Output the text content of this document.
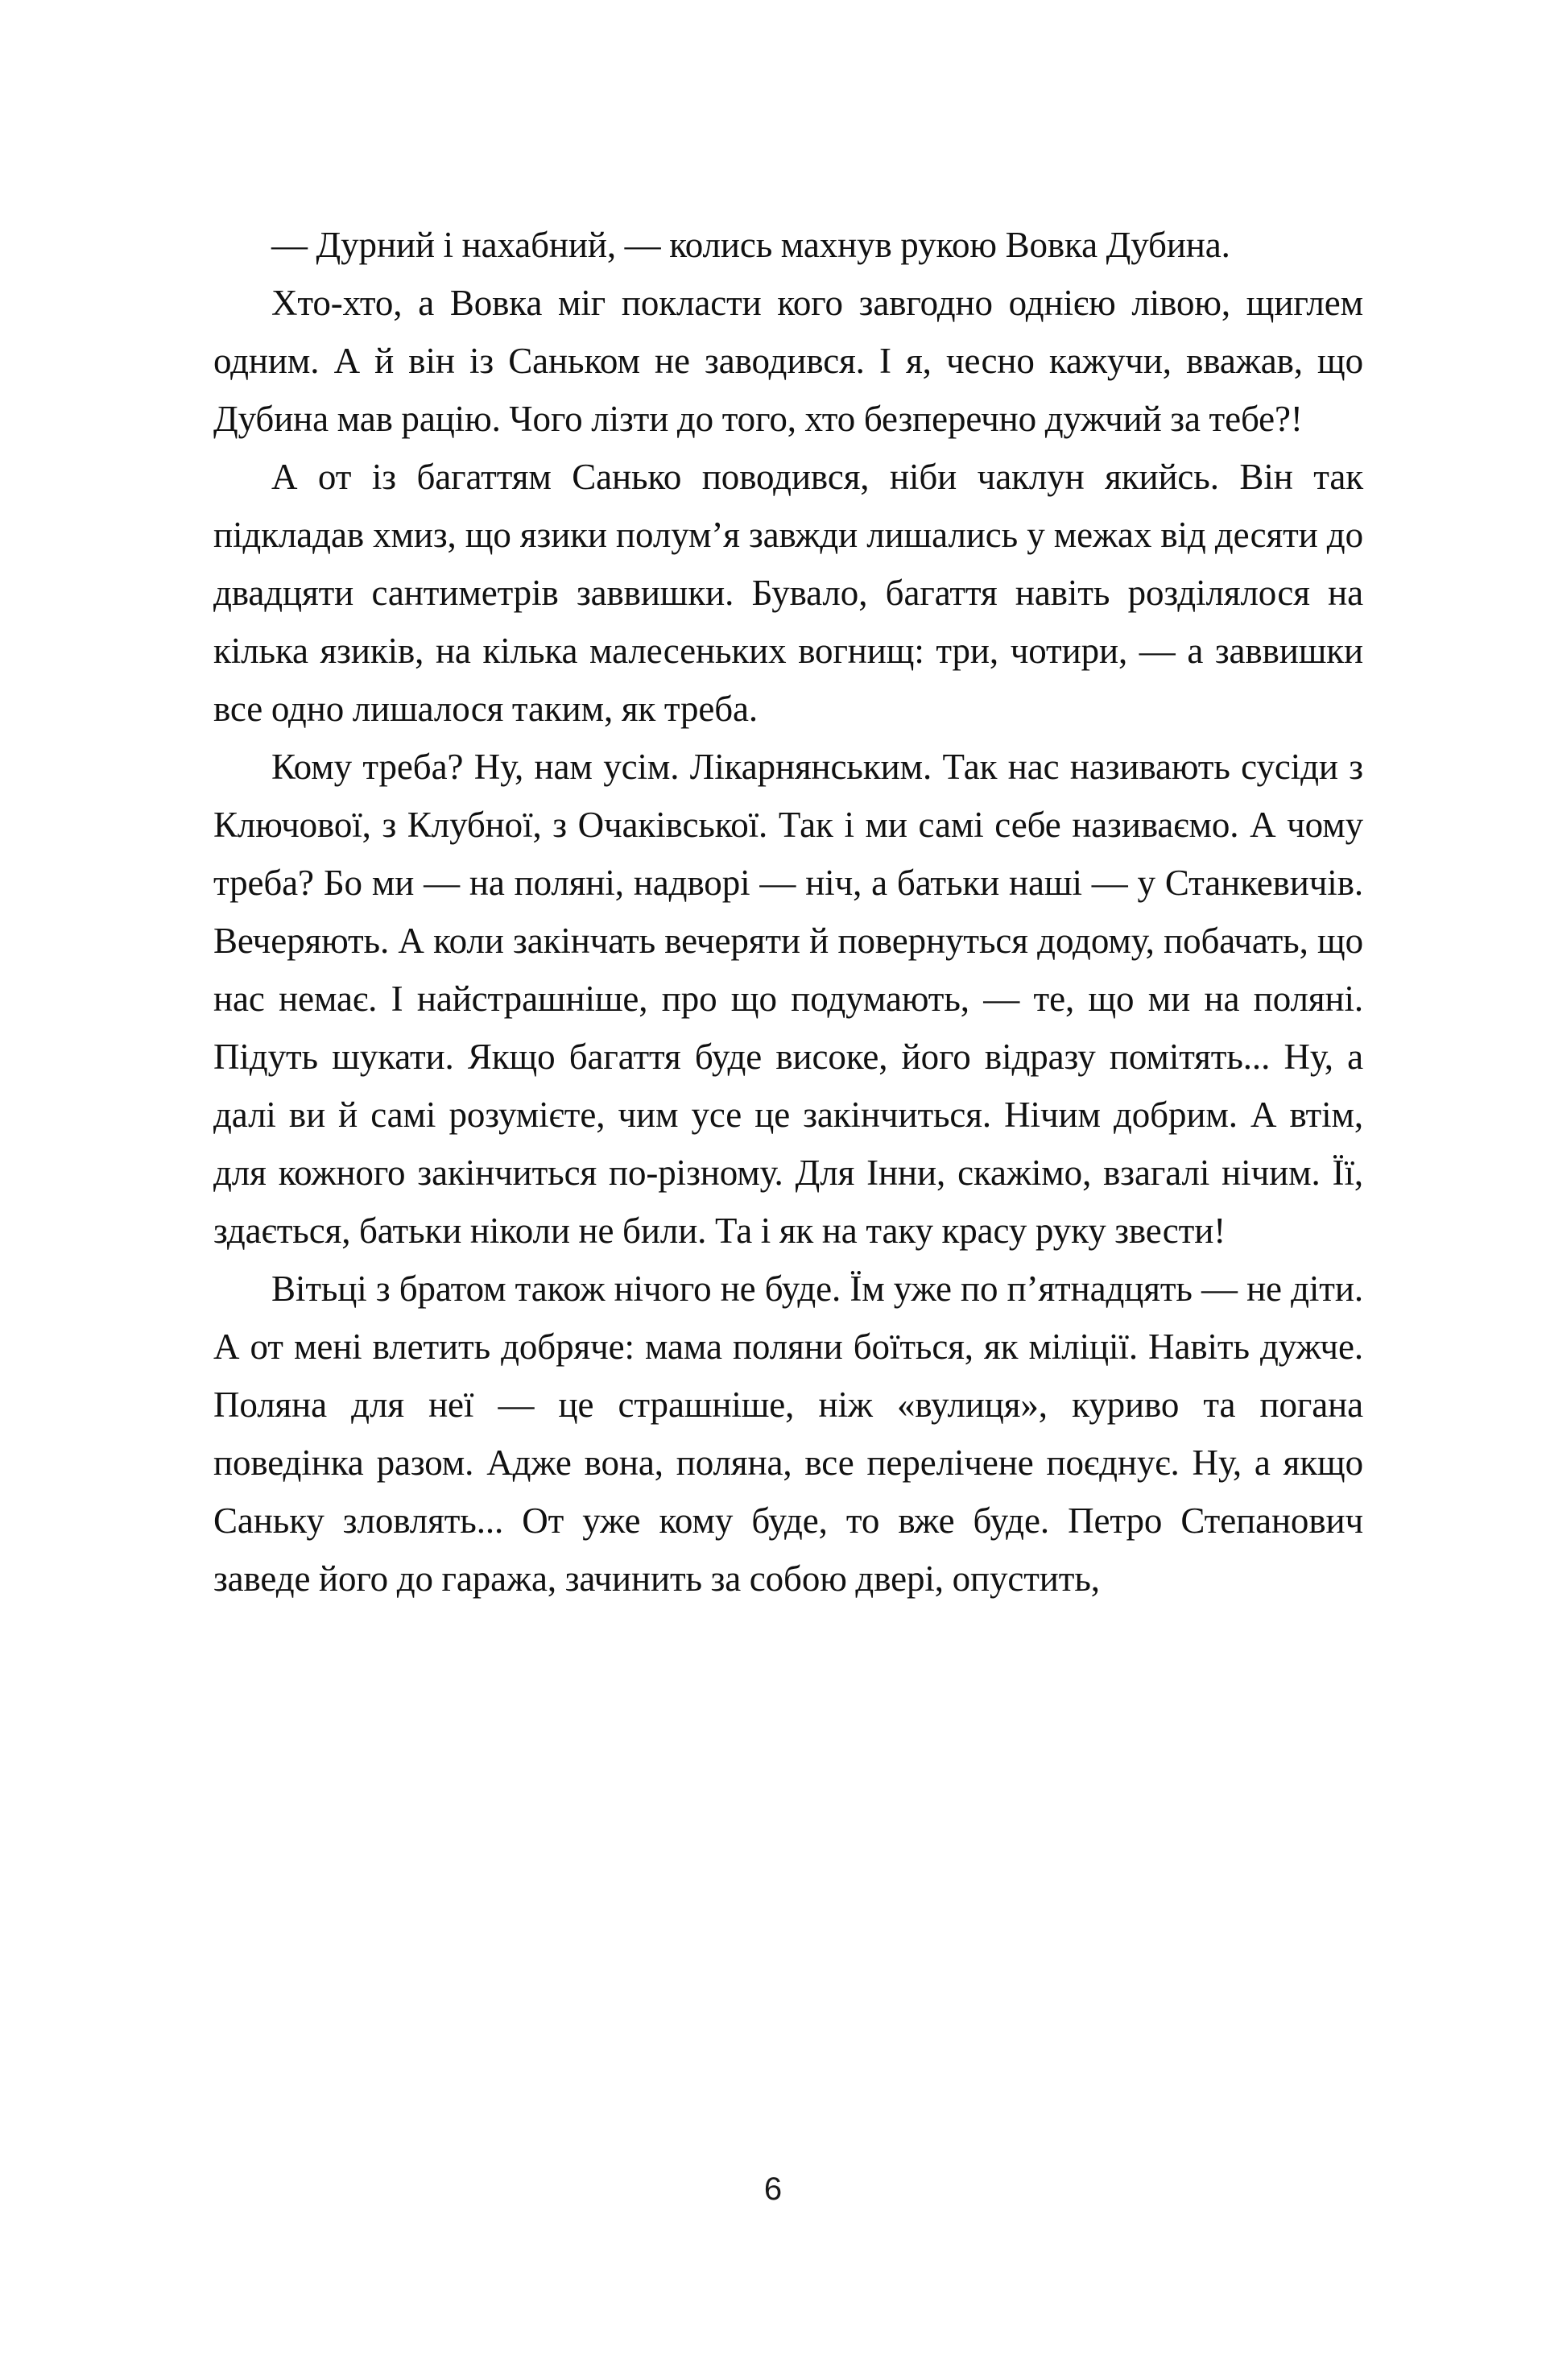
— Дурний і нахабний, — колись махнув рукою Вовка Дубина.

Хто-хто, а Вовка міг покласти кого завгодно однією лівою, щиглем одним. А й він із Саньком не заводився. І я, чесно кажучи, вважав, що Дубина мав рацію. Чого лізти до того, хто безперечно дужчий за тебе?!

А от із багаттям Санько поводився, ніби чаклун якийсь. Він так підкладав хмиз, що язики полум’я завжди лишались у межах від десяти до двадцяти сантиметрів заввишки. Бувало, багаття навіть розділялося на кілька язиків, на кілька малесеньких вогнищ: три, чотири, — а заввишки все одно лишалося таким, як треба.

Кому треба? Ну, нам усім. Лікарнянським. Так нас називають сусіди з Ключової, з Клубної, з Очаківської. Так і ми самі себе називаємо. А чому треба? Бо ми — на поляні, надворі — ніч, а батьки наші — у Станкевичів. Вечеряють. А коли закінчать вечеряти й повернуться додому, побачать, що нас немає. І найстрашніше, про що подумають, — те, що ми на поляні. Підуть шукати. Якщо багаття буде високе, його відразу помітять... Ну, а далі ви й самі розумієте, чим усе це закінчиться. Нічим добрим. А втім, для кожного закінчиться по-різному. Для Інни, скажімо, взагалі нічим. Її, здається, батьки ніколи не били. Та і як на таку красу руку звести!

Вітьці з братом також нічого не буде. Їм уже по п’ятнадцять — не діти. А от мені влетить добряче: мама поляни боїться, як міліції. Навіть дужче. Поляна для неї — це страшніше, ніж «вулиця», куриво та погана поведінка разом. Адже вона, поляна, все перелічене поєднує. Ну, а якщо Саньку зловлять... От уже кому буде, то вже буде. Петро Степанович заведе його до гаража, зачинить за собою двері, опустить,

6
